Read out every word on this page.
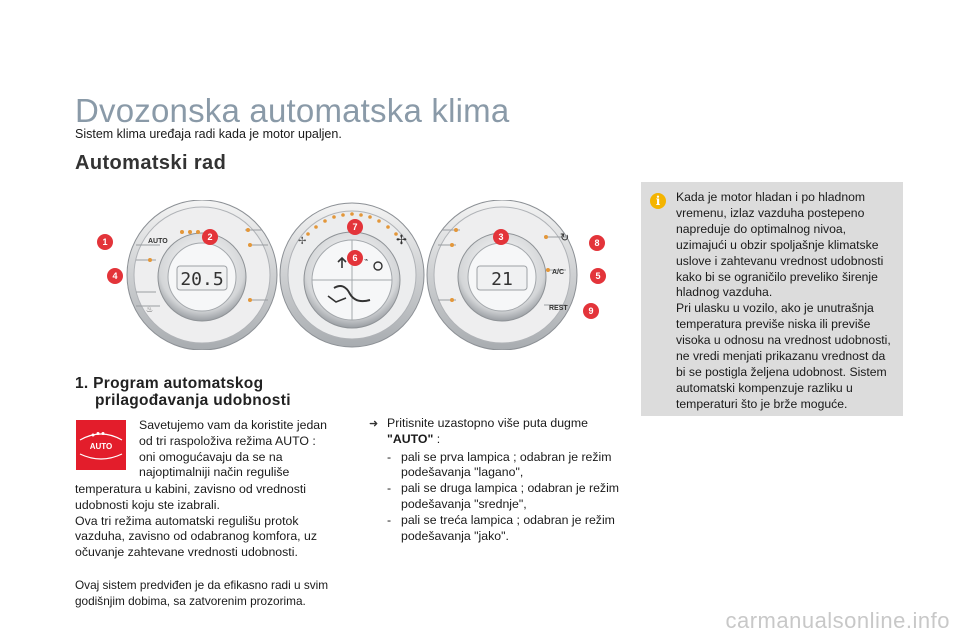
Dvozonska automatska klima

Sistem klima uređaja radi kada je motor upaljen.

Automatski rad
20.5
AUTO
♨
✢	✢
⌁
21
↻
A/C
REST
1	2	3
4	5
6
7
8
9
i	Kada je motor hladan i po hladnom vremenu, izlaz vazduha postepeno napreduje do optimalnog nivoa, uzimajući u obzir spoljašnje klimatske uslove i zahtevanu vrednost udobnosti kako bi se ograničilo preveliko širenje hladnog vazduha.
Pri ulasku u vozilo, ako je unutrašnja temperatura previše niska ili previše visoka u odnosu na vrednost udobnosti, ne vredi menjati prikazanu vrednost da bi se postigla željena udobnost. Sistem automatski kompenzuje razliku u temperaturi što je brže moguće.

1. Program automatskog
prilagođavanja udobnosti
AUTO

Savetujemo vam da koristite jedan od tri raspoloživa režima AUTO : oni omogućavaju da se na najoptimalniji način reguliše

temperatura u kabini, zavisno od vrednosti udobnosti koju ste izabrali.
Ova tri režima automatski regulišu protok vazduha, zavisno od odabranog komfora, uz očuvanje zahtevane vrednosti udobnosti.

Ovaj sistem predviđen je da efikasno radi u svim godišnjim dobima, sa zatvorenim prozorima.

➜ Pritisnite uzastopno više puta dugme
"AUTO" :

- pali se prva lampica ; odabran je režim podešavanja "lagano",
- pali se druga lampica ; odabran je režim podešavanja "srednje",
- pali se treća lampica ; odabran je režim podešavanja "jako".
carmanualsonline.info
